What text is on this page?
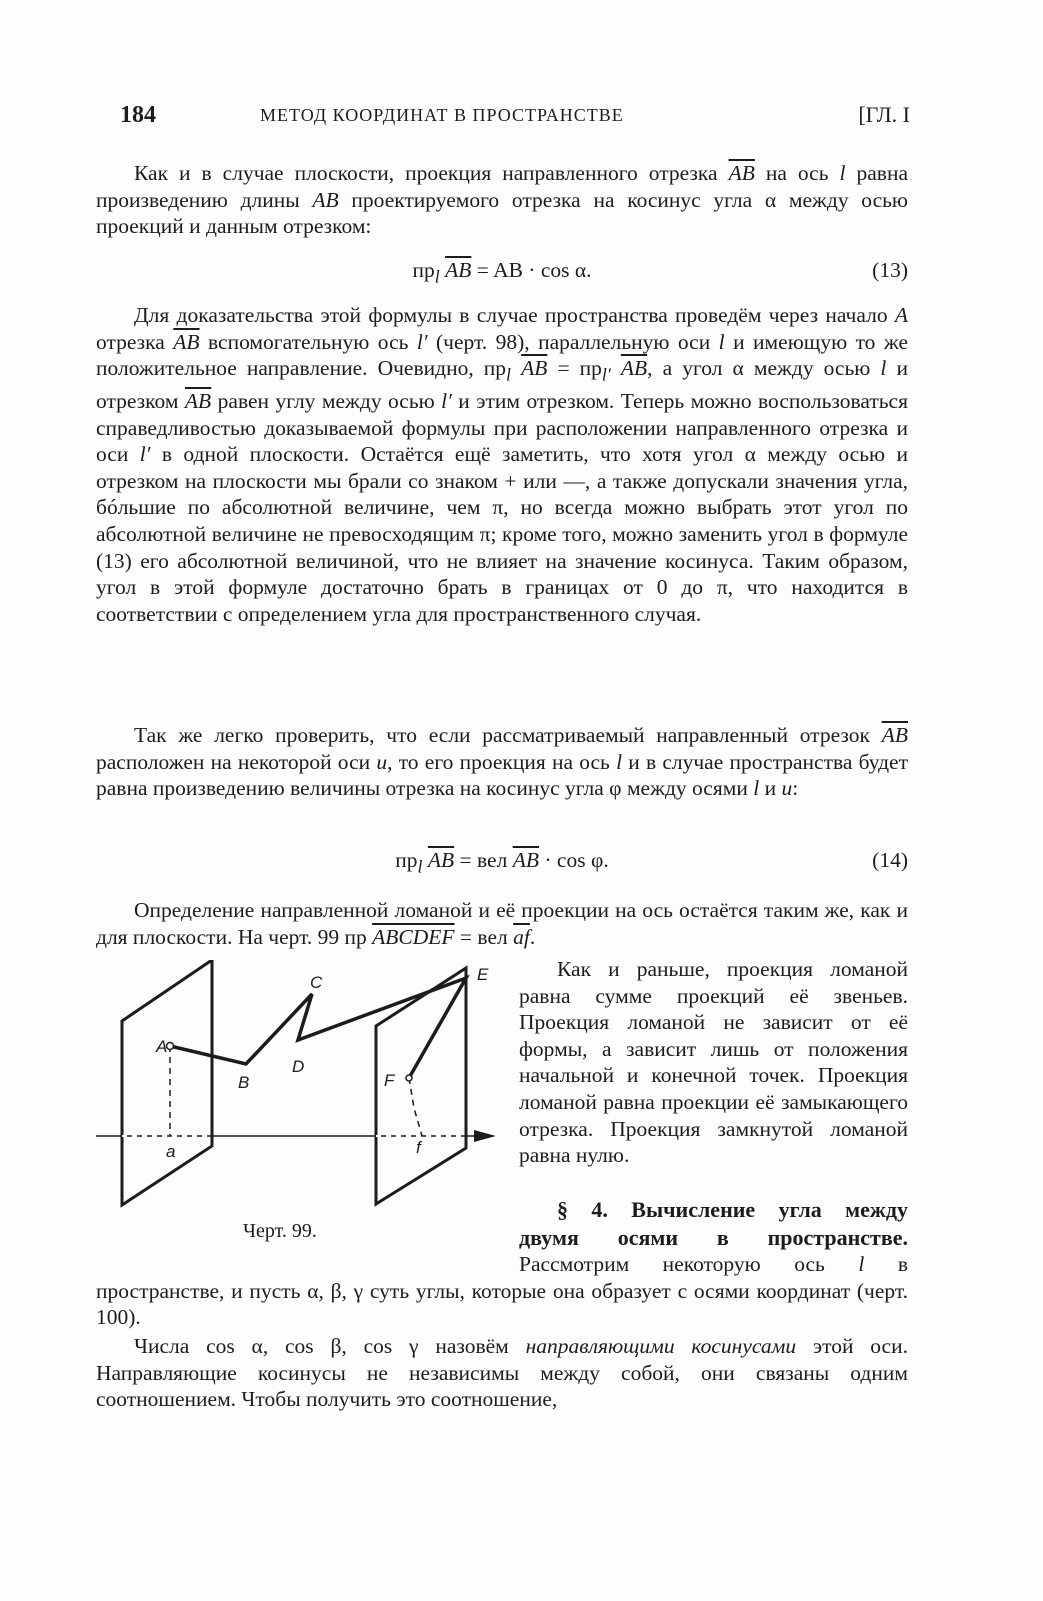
184	МЕТОД КООРДИНАТ В ПРОСТРАНСТВЕ	[ГЛ. I

Как и в случае плоскости, проекция направленного отрезка $\overline{AB}$ на ось l равна произведению длины AB проектируемого отрезка на косинус угла α между осью проекций и данным отрезком:

$пр_l$ $\overline{AB}$ = AB · cos α.	(13)

Для доказательства этой формулы в случае пространства проведём через начало A отрезка $\overline{AB}$ вспомогательную ось l′ (черт. 98), параллельную оси l и имеющую то же положительное направление. Очевидно, $пр_l$ $\overline{AB} = пр_{l'}$ $\overline{AB}$, а угол α между осью l и отрезком $\overline{AB}$ равен углу между осью l′ и этим отрезком. Теперь можно воспользоваться справедливостью доказываемой формулы при расположении направленного отрезка и оси l′ в одной плоскости. Остаётся ещё заметить, что хотя угол α между осью и отрезком на плоскости мы брали со знаком + или —, а также допускали значения угла, бóльшие по абсолютной величине, чем π, но всегда можно выбрать этот угол по абсолютной величине не превосходящим π; кроме того, можно заменить угол в формуле (13) его абсолютной величиной, что не влияет на значение косинуса. Таким образом, угол в этой формуле достаточно брать в границах от 0 до π, что находится в соответствии с определением угла для пространственного случая.

Так же легко проверить, что если рассматриваемый направленный отрезок $\overline{AB}$ расположен на некоторой оси u, то его проекция на ось l и в случае пространства будет равна произведению величины отрезка на косинус угла φ между осями l и u:

$пр_l$ $\overline{AB}$ = вел $\overline{AB} \cdot \cos \varphi$.	(14)

Определение направленной ломаной и её проекции на ось остаётся таким же, как и для плоскости. На черт. 99 пр ABCDEF = вел $\overline{af}$.

A
B
C
D
E
F
a	f
Черт. 99.

Как и раньше, проекция ломаной равна сумме проекций её звеньев. Проекция ломаной не зависит от её формы, а зависит лишь от положения начальной и конечной точек. Проекция ломаной равна проекции её замыкающего отрезка. Проекция замкнутой ломаной равна нулю.

§ 4. Вычисление угла между
двумя осями в пространстве.

Рассмотрим некоторую ось l в пространстве, и пусть α, β, γ суть углы, которые она образует с осями координат (черт. 100).

Числа cos α, cos β, cos γ назовём направляющими косинусами этой оси. Направляющие косинусы не независимы между собой, они связаны одним соотношением. Чтобы получить это соотношение,
